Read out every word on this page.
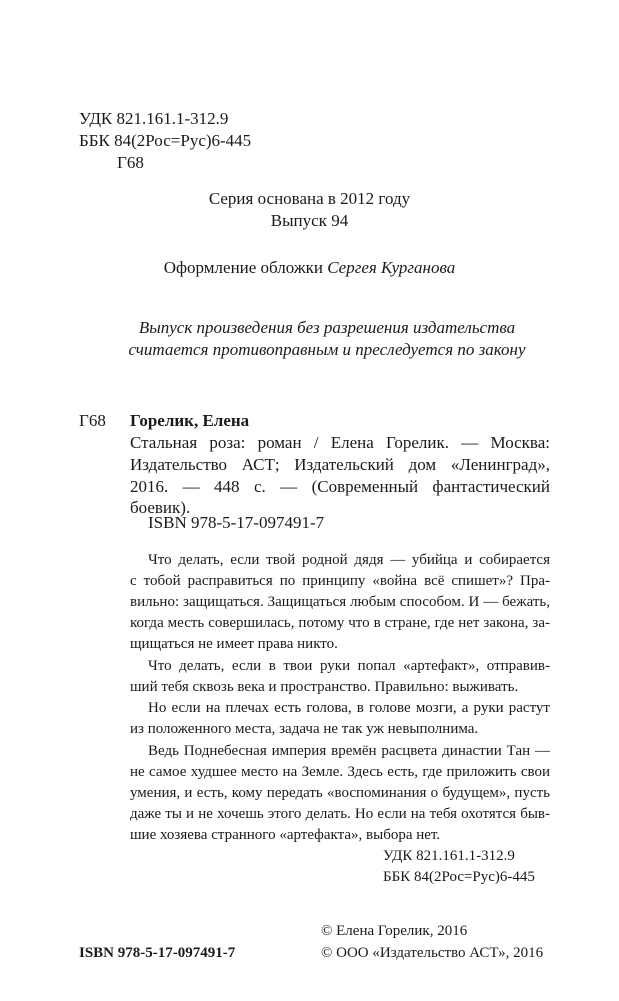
УДК 821.161.1-312.9
ББК 84(2Рос=Рус)6-445
Г68
Серия основана в 2012 году
Выпуск 94
Оформление обложки Сергея Курганова
Выпуск произведения без разрешения издательства
считается противоправным и преследуется по закону
Г68 Горелик, Елена
Стальная роза: роман / Елена Горелик. — Москва:
Издательство АСТ; Издательский дом «Ленинград»,
2016. — 448 с. — (Современный фантастический боевик).
ISBN 978-5-17-097491-7
Что делать, если твой родной дядя — убийца и собирается
с тобой расправиться по принципу «война всё спишет»? Пра-
вильно: защищаться. Защищаться любым способом. И — бежать,
когда месть совершилась, потому что в стране, где нет закона, за-
щищаться не имеет права никто.
Что делать, если в твои руки попал «артефакт», отправив-
ший тебя сквозь века и пространство. Правильно: выживать.
Но если на плечах есть голова, в голове мозги, а руки растут
из положенного места, задача не так уж невыполнима.
Ведь Поднебесная империя времён расцвета династии Тан —
не самое худшее место на Земле. Здесь есть, где приложить свои
умения, и есть, кому передать «воспоминания о будущем», пусть
даже ты и не хочешь этого делать. Но если на тебя охотятся быв-
шие хозяева странного «артефакта», выбора нет.
УДК 821.161.1-312.9
ББК 84(2Рос=Рус)6-445
ISBN 978-5-17-097491-7
© Елена Горелик, 2016
© ООО «Издательство АСТ», 2016
